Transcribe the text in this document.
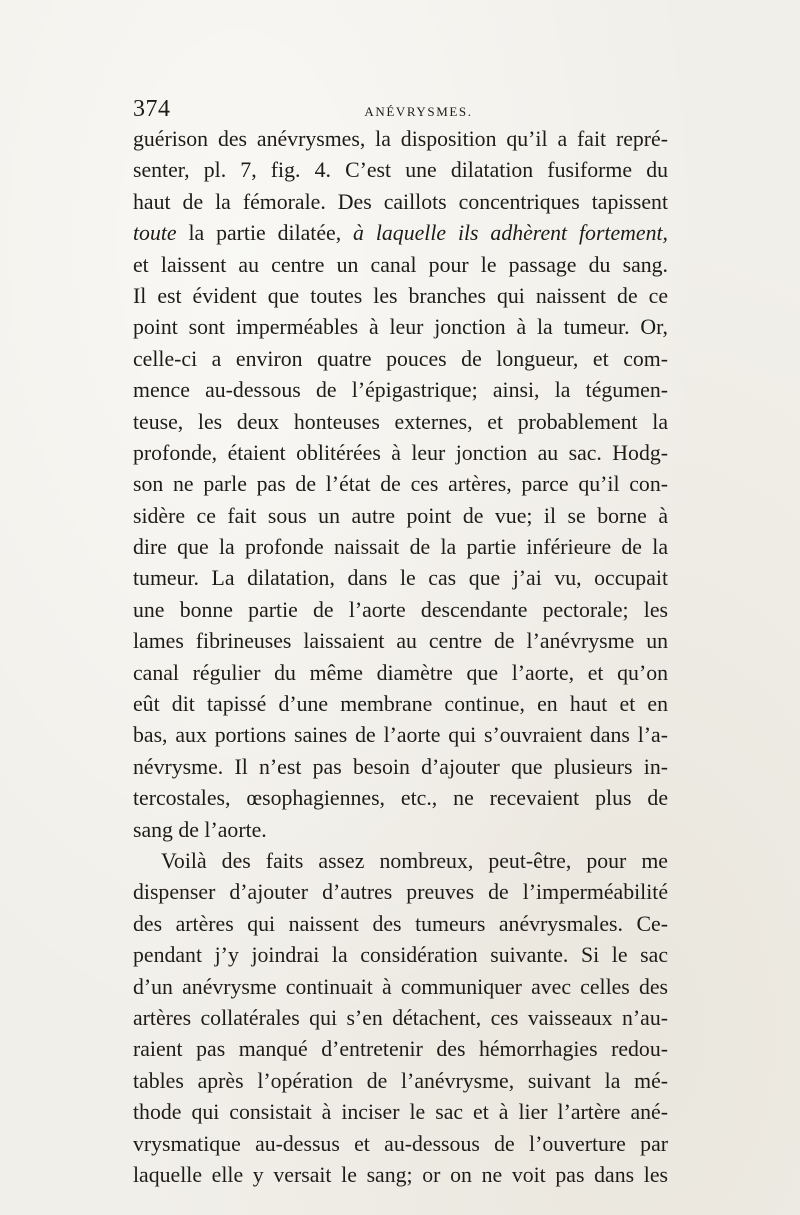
374	ANÉVRYSMES.
guérison des anévrysmes, la disposition qu’il a fait repré-
senter, pl. 7, fig. 4. C’est une dilatation fusiforme du
haut de la fémorale. Des caillots concentriques tapissent
toute la partie dilatée, à laquelle ils adhèrent fortement,
et laissent au centre un canal pour le passage du sang.
Il est évident que toutes les branches qui naissent de ce
point sont imperméables à leur jonction à la tumeur. Or,
celle-ci a environ quatre pouces de longueur, et com-
mence au-dessous de l’épigastrique; ainsi, la tégumen-
teuse, les deux honteuses externes, et probablement la
profonde, étaient oblitérées à leur jonction au sac. Hodg-
son ne parle pas de l’état de ces artères, parce qu’il con-
sidère ce fait sous un autre point de vue; il se borne à
dire que la profonde naissait de la partie inférieure de la
tumeur. La dilatation, dans le cas que j’ai vu, occupait
une bonne partie de l’aorte descendante pectorale; les
lames fibrineuses laissaient au centre de l’anévrysme un
canal régulier du même diamètre que l’aorte, et qu’on
eût dit tapissé d’une membrane continue, en haut et en
bas, aux portions saines de l’aorte qui s’ouvraient dans l’a-
névrysme. Il n’est pas besoin d’ajouter que plusieurs in-
tercostales, œsophagiennes, etc., ne recevaient plus de
sang de l’aorte.
Voilà des faits assez nombreux, peut-être, pour me
dispenser d’ajouter d’autres preuves de l’imperméabilité
des artères qui naissent des tumeurs anévrysmales. Ce-
pendant j’y joindrai la considération suivante. Si le sac
d’un anévrysme continuait à communiquer avec celles des
artères collatérales qui s’en détachent, ces vaisseaux n’au-
raient pas manqué d’entretenir des hémorrhagies redou-
tables après l’opération de l’anévrysme, suivant la mé-
thode qui consistait à inciser le sac et à lier l’artère ané-
vrysmatique au-dessus et au-dessous de l’ouverture par
laquelle elle y versait le sang; or on ne voit pas dans les
